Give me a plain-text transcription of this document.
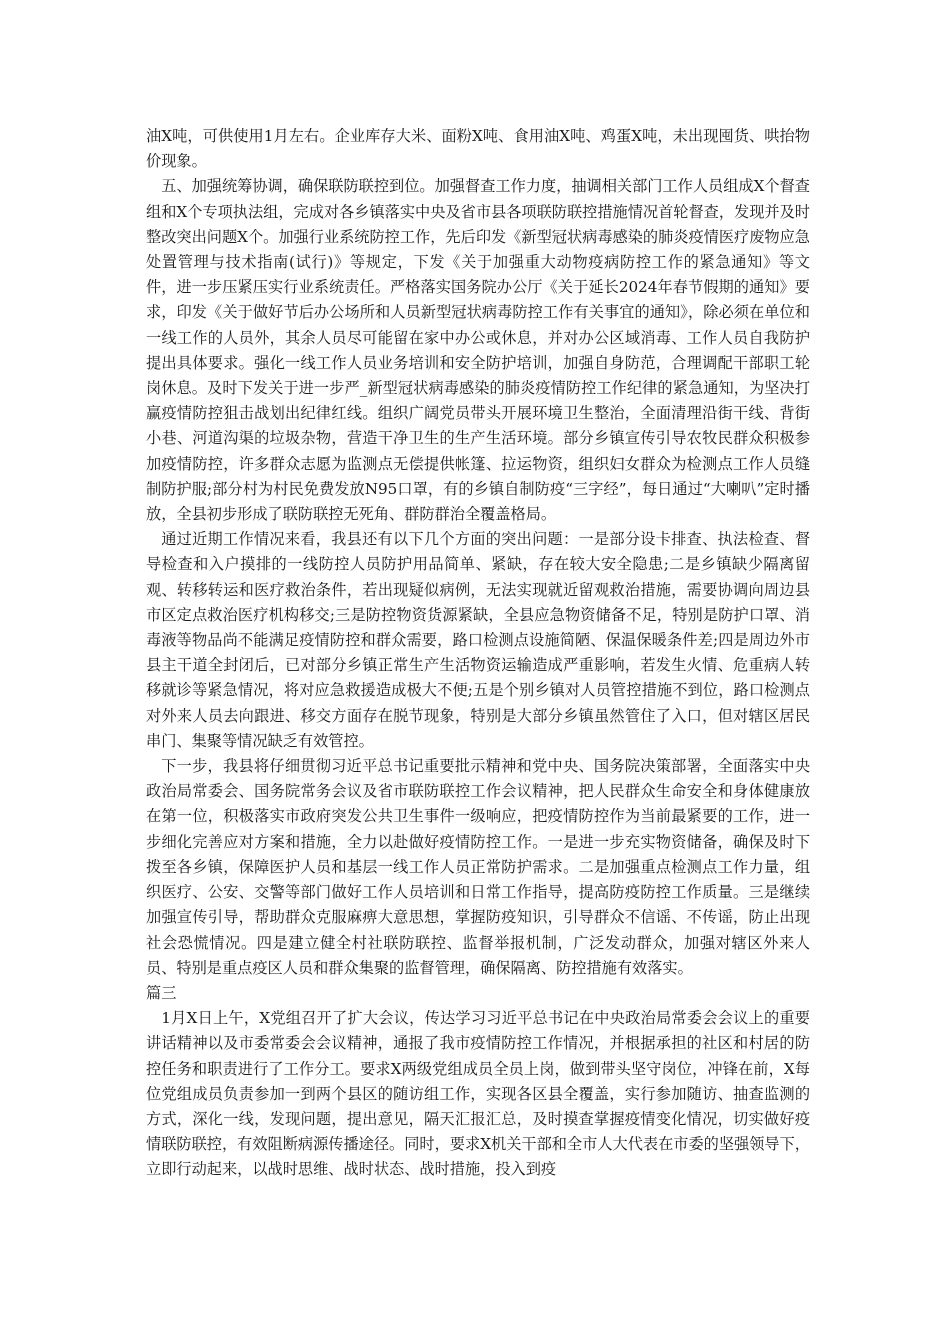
油X吨，可供使用1月左右。企业库存大米、面粉X吨、食用油X吨、鸡蛋X吨，未出现囤货、哄抬物价现象。

五、加强统筹协调，确保联防联控到位。加强督查工作力度，抽调相关部门工作人员组成X个督查组和X个专项执法组，完成对各乡镇落实中央及省市县各项联防联控措施情况首轮督查，发现并及时整改突出问题X个。加强行业系统防控工作，先后印发《新型冠状病毒感染的肺炎疫情医疗废物应急处置管理与技术指南(试行)》等规定，下发《关于加强重大动物疫病防控工作的紧急通知》等文件，进一步压紧压实行业系统责任。严格落实国务院办公厅《关于延长2024年春节假期的通知》要求，印发《关于做好节后办公场所和人员新型冠状病毒防控工作有关事宜的通知》，除必须在单位和一线工作的人员外，其余人员尽可能留在家中办公或休息，并对办公区域消毒、工作人员自我防护提出具体要求。强化一线工作人员业务培训和安全防护培训，加强自身防范，合理调配干部职工轮岗休息。及时下发关于进一步严_新型冠状病毒感染的肺炎疫情防控工作纪律的紧急通知，为坚决打赢疫情防控狙击战划出纪律红线。组织广阔党员带头开展环境卫生整治，全面清理沿街干线、背街小巷、河道沟渠的垃圾杂物，营造干净卫生的生产生活环境。部分乡镇宣传引导农牧民群众积极参加疫情防控，许多群众志愿为监测点无偿提供帐篷、拉运物资，组织妇女群众为检测点工作人员缝制防护服;部分村为村民免费发放N95口罩，有的乡镇自制防疫“三字经”，每日通过“大喇叭”定时播放，全县初步形成了联防联控无死角、群防群治全覆盖格局。

通过近期工作情况来看，我县还有以下几个方面的突出问题：一是部分设卡排查、执法检查、督导检查和入户摸排的一线防控人员防护用品简单、紧缺，存在较大安全隐患;二是乡镇缺少隔离留观、转移转运和医疗救治条件，若出现疑似病例，无法实现就近留观救治措施，需要协调向周边县市区定点救治医疗机构移交;三是防控物资货源紧缺，全县应急物资储备不足，特别是防护口罩、消毒液等物品尚不能满足疫情防控和群众需要，路口检测点设施简陋、保温保暖条件差;四是周边外市县主干道全封闭后，已对部分乡镇正常生产生活物资运输造成严重影响，若发生火情、危重病人转移就诊等紧急情况，将对应急救援造成极大不便;五是个别乡镇对人员管控措施不到位，路口检测点对外来人员去向跟进、移交方面存在脱节现象，特别是大部分乡镇虽然管住了入口，但对辖区居民串门、集聚等情况缺乏有效管控。

下一步，我县将仔细贯彻习近平总书记重要批示精神和党中央、国务院决策部署，全面落实中央政治局常委会、国务院常务会议及省市联防联控工作会议精神，把人民群众生命安全和身体健康放在第一位，积极落实市政府突发公共卫生事件一级响应，把疫情防控作为当前最紧要的工作，进一步细化完善应对方案和措施，全力以赴做好疫情防控工作。一是进一步充实物资储备，确保及时下拨至各乡镇，保障医护人员和基层一线工作人员正常防护需求。二是加强重点检测点工作力量，组织医疗、公安、交警等部门做好工作人员培训和日常工作指导，提高防疫防控工作质量。三是继续加强宣传引导，帮助群众克服麻痹大意思想，掌握防疫知识，引导群众不信谣、不传谣，防止出现社会恐慌情况。四是建立健全村社联防联控、监督举报机制，广泛发动群众，加强对辖区外来人员、特别是重点疫区人员和群众集聚的监督管理，确保隔离、防控措施有效落实。

篇三

1月X日上午，X党组召开了扩大会议，传达学习习近平总书记在中央政治局常委会会议上的重要讲话精神以及市委常委会会议精神，通报了我市疫情防控工作情况，并根据承担的社区和村居的防控任务和职责进行了工作分工。要求X两级党组成员全员上岗，做到带头坚守岗位，冲锋在前，X每位党组成员负责参加一到两个县区的随访组工作，实现各区县全覆盖，实行参加随访、抽查监测的方式，深化一线，发现问题，提出意见，隔天汇报汇总，及时摸查掌握疫情变化情况，切实做好疫情联防联控，有效阻断病源传播途径。同时，要求X机关干部和全市人大代表在市委的坚强领导下，立即行动起来，以战时思维、战时状态、战时措施，投入到疫
